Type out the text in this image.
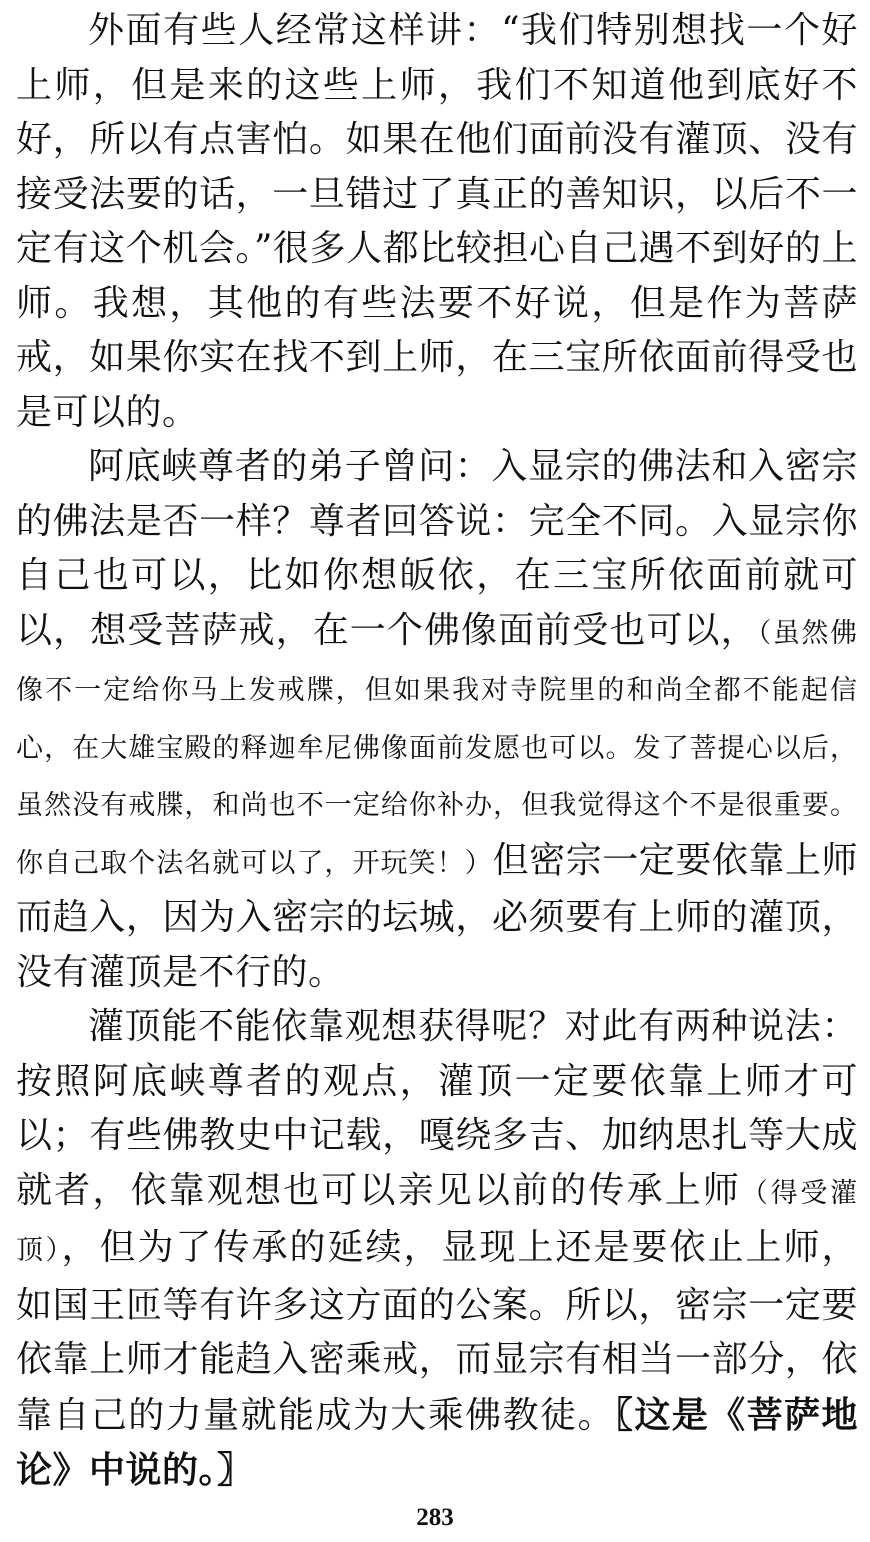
外面有些人经常这样讲：“我们特别想找一个好上师，但是来的这些上师，我们不知道他到底好不好，所以有点害怕。如果在他们面前没有灌顶、没有接受法要的话，一旦错过了真正的善知识，以后不一定有这个机会。”很多人都比较担心自己遇不到好的上师。我想，其他的有些法要不好说，但是作为菩萨戒，如果你实在找不到上师，在三宝所依面前得受也是可以的。

阿底峡尊者的弟子曾问：入显宗的佛法和入密宗的佛法是否一样？尊者回答说：完全不同。入显宗你自己也可以，比如你想皈依，在三宝所依面前就可以，想受菩萨戒，在一个佛像面前受也可以，（虽然佛像不一定给你马上发戒牒，但如果我对寺院里的和尚全都不能起信心，在大雄宝殿的释迦牟尼佛像面前发愿也可以。发了菩提心以后，虽然没有戒牒，和尚也不一定给你补办，但我觉得这个不是很重要。你自己取个法名就可以了，开玩笑！）但密宗一定要依靠上师而趋入，因为入密宗的坛城，必须要有上师的灌顶，没有灌顶是不行的。

灌顶能不能依靠观想获得呢？对此有两种说法：按照阿底峡尊者的观点，灌顶一定要依靠上师才可以；有些佛教史中记载，嘎绕多吉、加纳思扎等大成就者，依靠观想也可以亲见以前的传承上师（得受灌顶），但为了传承的延续，显现上还是要依止上师，如国王匝等有许多这方面的公案。所以，密宗一定要依靠上师才能趋入密乘戒，而显宗有相当一部分，依靠自己的力量就能成为大乘佛教徒。〖这是《菩萨地论》中说的。〗

283
